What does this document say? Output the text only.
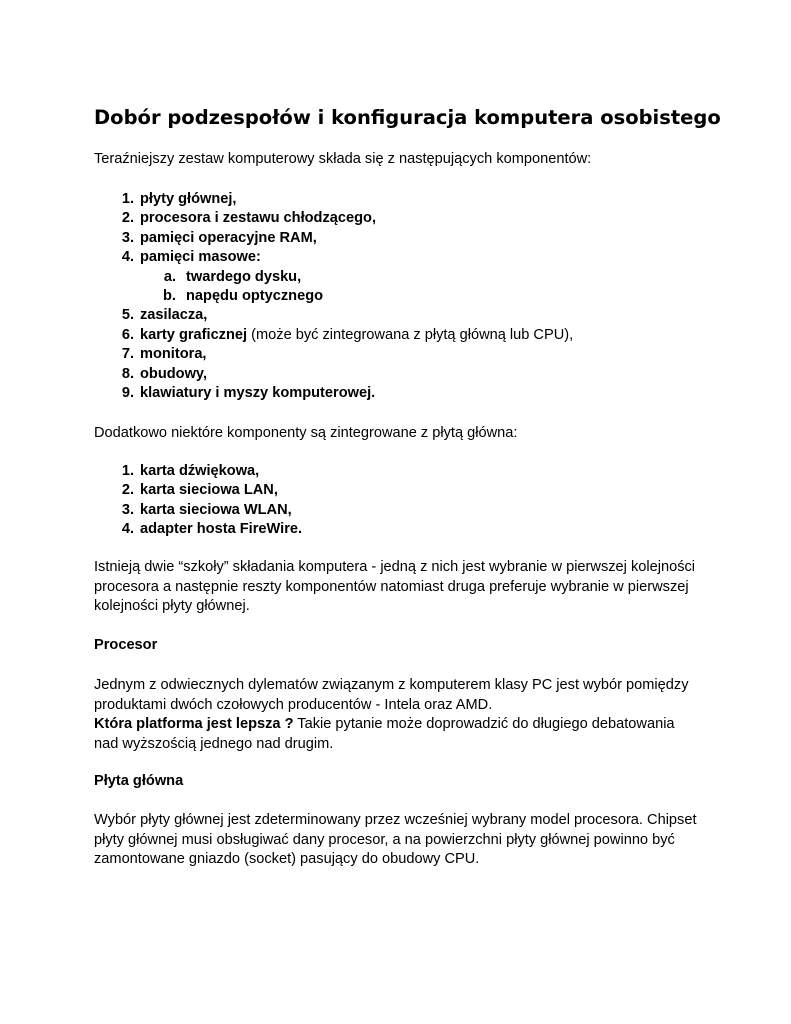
Dobór podzespołów i konfiguracja komputera osobistego

Teraźniejszy zestaw komputerowy składa się z następujących komponentów:

1. płyty głównej,
2. procesora i zestawu chłodzącego,
3. pamięci operacyjne RAM,
4. pamięci masowe:
a. twardego dysku,
b. napędu optycznego
5. zasilacza,
6. karty graficznej (może być zintegrowana z płytą główną lub CPU),
7. monitora,
8. obudowy,
9. klawiatury i myszy komputerowej.

Dodatkowo niektóre komponenty są zintegrowane z płytą główna:

1. karta dźwiękowa,
2. karta sieciowa LAN,
3. karta sieciowa WLAN,
4. adapter hosta FireWire.

Istnieją dwie “szkoły” składania komputera - jedną z nich jest wybranie w pierwszej kolejności
procesora a następnie reszty komponentów natomiast druga preferuje wybranie w pierwszej
kolejności płyty głównej.

Procesor

Jednym z odwiecznych dylematów związanym z komputerem klasy PC jest wybór pomiędzy
produktami dwóch czołowych producentów - Intela oraz AMD.
Która platforma jest lepsza ? Takie pytanie może doprowadzić do długiego debatowania
nad wyższością jednego nad drugim.

Płyta główna

Wybór płyty głównej jest zdeterminowany przez wcześniej wybrany model procesora. Chipset
płyty głównej musi obsługiwać dany procesor, a na powierzchni płyty głównej powinno być
zamontowane gniazdo (socket) pasujący do obudowy CPU.
